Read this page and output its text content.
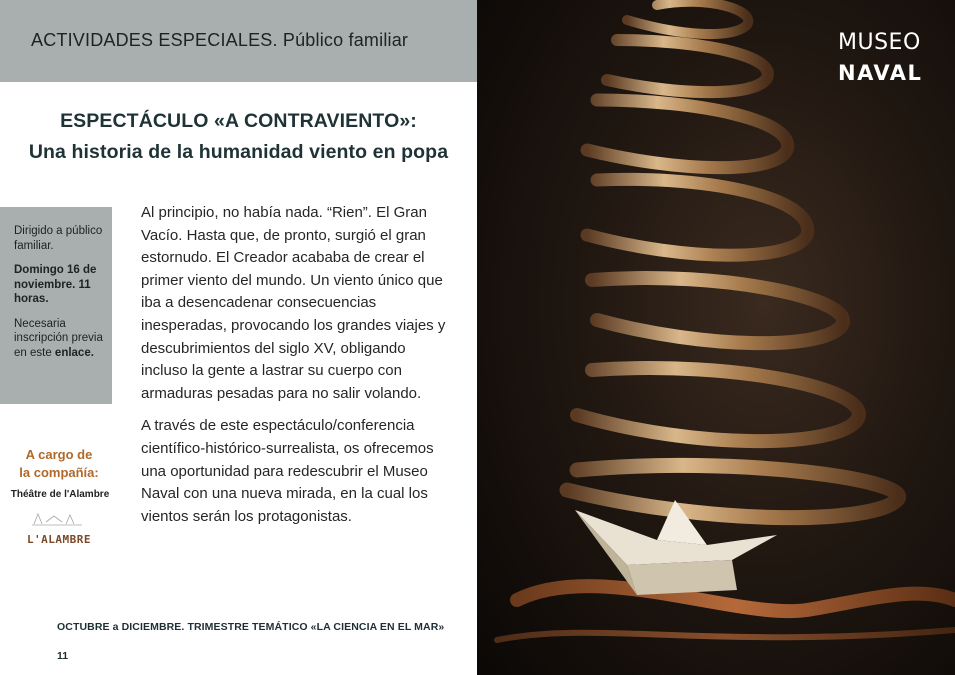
ACTIVIDADES ESPECIALES. Público familiar
ESPECTÁCULO «A CONTRAVIENTO»:
Una historia de la humanidad viento en popa

Dirigido a público familiar.

Domingo 16 de noviembre. 11 horas.

Necesaria inscripción previa en este enlace.

A cargo de
la compañía:
Théâtre de l'Alambre
L'ALAMBRE

Al principio, no había nada. “Rien”. El Gran Vacío. Hasta que, de pronto, surgió el gran estornudo. El Creador acababa de crear el primer viento del mundo. Un viento único que iba a desencadenar consecuencias inesperadas, provocando los grandes viajes y descubrimientos del siglo XV, obligando incluso la gente a lastrar su cuerpo con armaduras pesadas para no salir volando.

A través de este espectáculo/conferencia científico-histórico-surrealista, os ofrecemos una oportunidad para redescubrir el Museo Naval con una nueva mirada, en la cual los vientos serán los protagonistas.

OCTUBRE a DICIEMBRE. TRIMESTRE TEMÁTICO «LA CIENCIA EN EL MAR»
11
MUSEO
NAVAL
